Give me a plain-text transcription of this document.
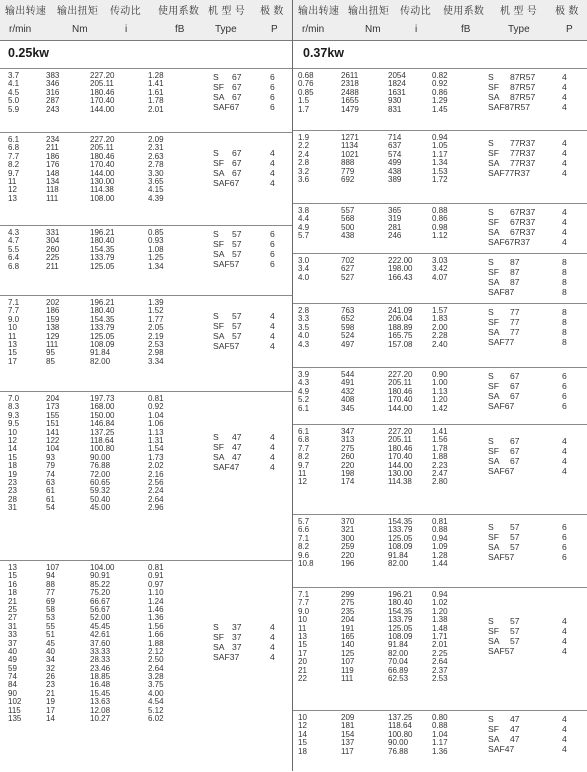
输出转速 输出扭矩 传动比 使用系数 机 型 号 极 数
r/min	Nm	i	fB	Type	P
0.25kw
3.7	383	227.20	1.28
4.1	346	205.11	1.41
4.5	316	180.46	1.61
5.0	287	170.40	1.78
5.9	243	144.00	2.01
S 67	6
SF 67	6
SA 67	6
SAF67	6
6.1	234	227.20	2.09
6.8	211	205.11	2.31
7.7	186	180.46	2.63
8.2	176	170.40	2.78
9.7	148	144.00	3.30
11	134	130.00	3.65
12	118	114.38	4.15
13	111	108.00	4.39
S 67	4
SF 67	4
SA 67	4
SAF67	4
4.3	331	196.21	0.85
4.7	304	180.40	0.93
5.5	260	154.35	1.08
6.4	225	133.79	1.25
6.8	211	125.05	1.34
S 57	6
SF 57	6
SA 57	6
SAF57	6
7.1	202	196.21	1.39
7.7	186	180.40	1.52
9.0	159	154.35	1.77
10	138	133.79	2.05
11	129	125.05	2.19
13	111	108.09	2.53
15	95	91.84	2.98
17	85	82.00	3.34
S 57	4
SF 57	4
SA 57	4
SAF57	4
7.0	204	197.73	0.81
8.3	173	168.00	0.92
9.3	155	150.00	1.04
9.5	151	146.84	1.06
10	141	137.25	1.13
12	122	118.64	1.31
14	104	100.80	1.54
15	93	90.00	1.73
18	79	76.88	2.02
19	74	72.00	2.16
23	63	60.65	2.56
23	61	59.32	2.24
28	61	50.40	2.64
31	54	45.00	2.96
S 47	4
SF 47	4
SA 47	4
SAF47	4
13	107	104.00	0.81
15	94	90.91	0.91
16	88	85.22	0.97
18	77	75.20	1.10
21	69	66.67	1.24
25	58	56.67	1.46
27	53	52.00	1.36
31	55	45.45	1.56
33	51	42.61	1.66
37	45	37.60	1.88
40	40	33.33	2.12
49	34	28.33	2.50
59	32	23.46	2.64
74	26	18.85	3.28
84	23	16.48	3.75
90	21	15.45	4.00
102	19	13.63	4.54
115	17	12.08	5.12
135	14	10.27	6.02
S 37	4
SF 37	4
SA 37	4
SAF37	4
输出转速 输出扭矩 传动比 使用系数 机 型 号 极 数
r/min	Nm	i	fB	Type	P
0.37kw
0.68	2611	2054	0.82
0.76	2318	1824	0.92
0.85	2488	1631	0.86
1.5	1655	930	1.29
1.7	1479	831	1.45
S 87R57	4
SF 87R57	4
SA 87R57	4
SAF87R57	4
1.9	1271	714	0.94
2.2	1134	637	1.05
2.4	1021	574	1.17
2.8	888	499	1.34
3.2	779	438	1.53
3.6	692	389	1.72
S 77R37	4
SF 77R37	4
SA 77R37	4
SAF77R37	4
3.8	557	365	0.88
4.4	568	319	0.86
4.9	500	281	0.98
5.7	438	246	1.12
S 67R37	4
SF 67R37	4
SA 67R37	4
SAF67R37	4
3.0	702	222.00 3.03
3.4	627	198.00 3.42
4.0	527	166.43 4.07
S 87	8
SF 87	8
SA 87	8
SAF87	8
2.8	763	241.09 1.57
3.3	652	206.04 1.83
3.5	598	188.89 2.00
4.0	524	165.75 2.28
4.3	497	157.08 2.40
S 77	8
SF 77	8
SA 77	8
SAF77	8
3.9	544	227.20 0.90
4.3	491	205.11	1.00
4.9	432	180.46 1.13
5.2	408	170.40 1.20
6.1	345	144.00 1.42
S 67	6
SF 67	6
SA 67	6
SAF67	6
6.1	347	227.20 1.41
6.8	313	205.11	1.56
7.7	275	180.46 1.78
8.2	260	170.40 1.88
9.7	220	144.00 2.23
11	198	130.00 2.47
12	174	114.38	2.80
S 67	4
SF 67	4
SA 67	4
SAF67	4
5.7	370	154.35 0.81
6.6	321	133.79 0.88
7.1	300	125.05 0.94
8.2	259	108.09 1.09
9.6	220	91.84	1.28
10.8	196	82.00	1.44
S 57	6
SF 57	6
SA 57	6
SAF57	6
7.1	299	196.21 0.94
7.7	275	180.40 1.02
9.0	235	154.35 1.20
10	204	133.79 1.38
11	191	125.05 1.48
13	165	108.09 1.71
15	140	91.84	2.01
17	125	82.00	2.25
20	107	70.04	2.64
21	119	66.89	2.37
22	111	62.53	2.53
S 57	4
SF 57	4
SA 57	4
SAF57	4
10	209	137.25 0.80
12	181	118.64	0.88
14	154	100.80 1.04
15	137	90.00	1.17
18	117	76.88	1.36
S 47	4
SF 47	4
SA 47	4
SAF47	4
